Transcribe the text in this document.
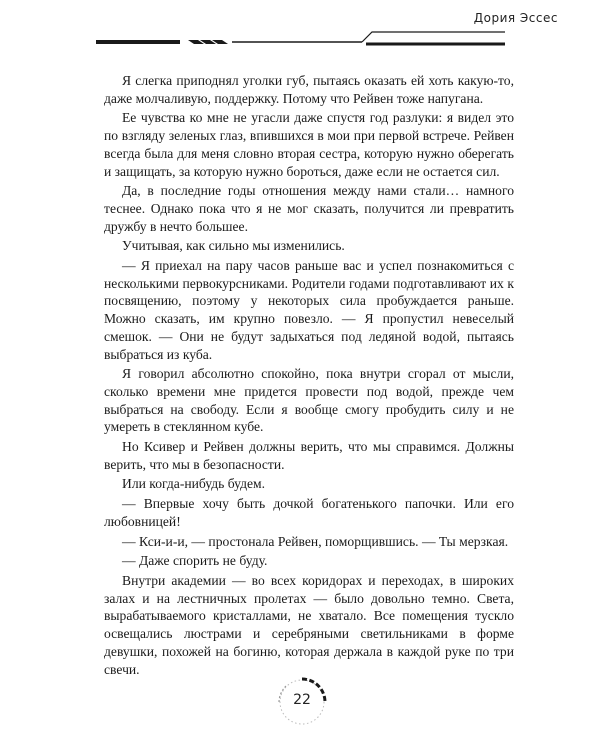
Дория Эссес

Я слегка приподнял уголки губ, пытаясь оказать ей хоть какую-то, даже молчаливую, поддержку. Потому что Рейвен тоже напугана.

Ее чувства ко мне не угасли даже спустя год разлуки: я видел это по взгляду зеленых глаз, впившихся в мои при первой встрече. Рейвен всегда была для меня словно вторая сестра, которую нужно оберегать и защищать, за которую нужно бороться, даже если не остается сил.

Да, в последние годы отношения между нами стали… намного теснее. Однако пока что я не мог сказать, получится ли превратить дружбу в нечто большее.

Учитывая, как сильно мы изменились.

— Я приехал на пару часов раньше вас и успел познакомиться с несколькими первокурсниками. Родители годами подготавливают их к посвящению, поэтому у некоторых сила пробуждается раньше. Можно сказать, им крупно повезло. — Я пропустил невеселый смешок. — Они не будут задыхаться под ледяной водой, пытаясь выбраться из куба.

Я говорил абсолютно спокойно, пока внутри сгорал от мысли, сколько времени мне придется провести под водой, прежде чем выбраться на свободу. Если я вообще смогу пробудить силу и не умереть в стеклянном кубе.

Но Ксивер и Рейвен должны верить, что мы справимся. Должны верить, что мы в безопасности.

Или когда-нибудь будем.

— Впервые хочу быть дочкой богатенького папочки. Или его любовницей!

— Кси-и-и, — простонала Рейвен, поморщившись. — Ты мерзкая.

— Даже спорить не буду.

Внутри академии — во всех коридорах и переходах, в широких залах и на лестничных пролетах — было довольно темно. Света, вырабатываемого кристаллами, не хватало. Все помещения тускло освещались люстрами и серебряными светильниками в форме девушки, похожей на богиню, которая держала в каждой руке по три свечи.

22
